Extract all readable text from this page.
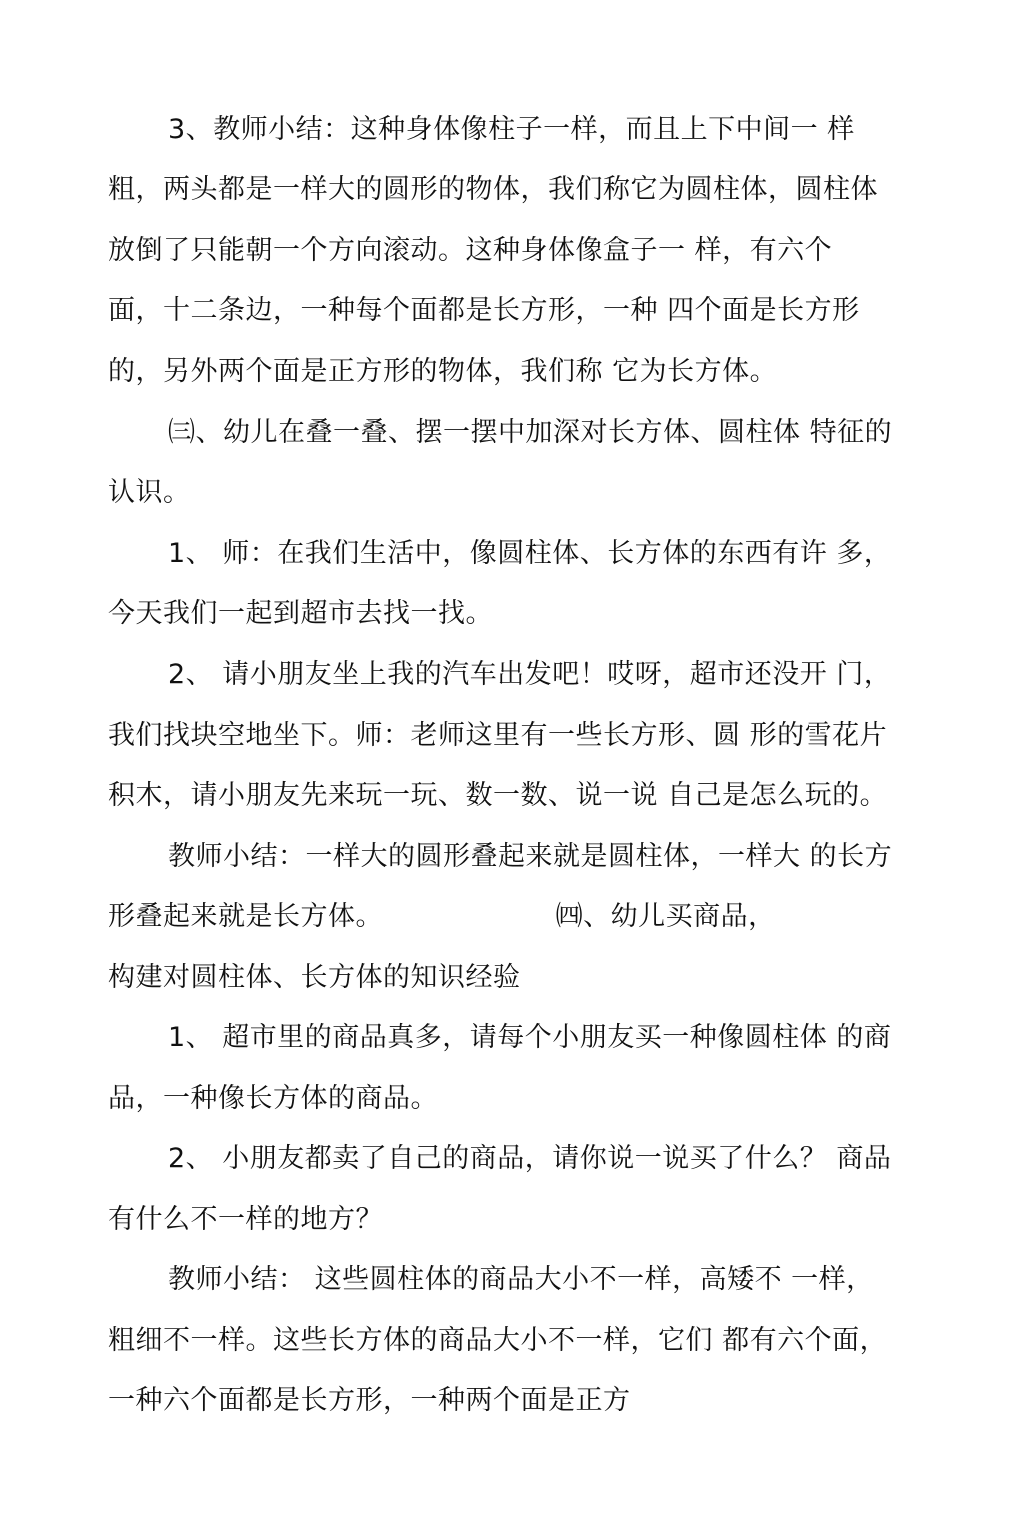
3、教师小结：这种身体像柱子一样，而且上下中间一 样
粗，两头都是一样大的圆形的物体，我们称它为圆柱体，圆柱体
放倒了只能朝一个方向滚动。这种身体像盒子一 样，有六个
面，十二条边，一种每个面都是长方形，一种 四个面是长方形
的，另外两个面是正方形的物体，我们称 它为长方体。
㈢、幼儿在叠一叠、摆一摆中加深对长方体、圆柱体 特征的
认识。
1、 师：在我们生活中，像圆柱体、长方体的东西有许 多，
今天我们一起到超市去找一找。
2、 请小朋友坐上我的汽车出发吧！哎呀，超市还没开 门，
我们找块空地坐下。师：老师这里有一些长方形、圆 形的雪花片
积木，请小朋友先来玩一玩、数一数、说一说 自己是怎么玩的。
教师小结：一样大的圆形叠起来就是圆柱体，一样大 的长方
形叠起来就是长方体。                   ㈣、幼儿买商品，
构建对圆柱体、长方体的知识经验
1、 超市里的商品真多，请每个小朋友买一种像圆柱体 的商
品，一种像长方体的商品。
2、 小朋友都卖了自己的商品，请你说一说买了什么？ 商品
有什么不一样的地方？
教师小结： 这些圆柱体的商品大小不一样，高矮不 一样，
粗细不一样。这些长方体的商品大小不一样，它们 都有六个面，
一种六个面都是长方形，一种两个面是正方
